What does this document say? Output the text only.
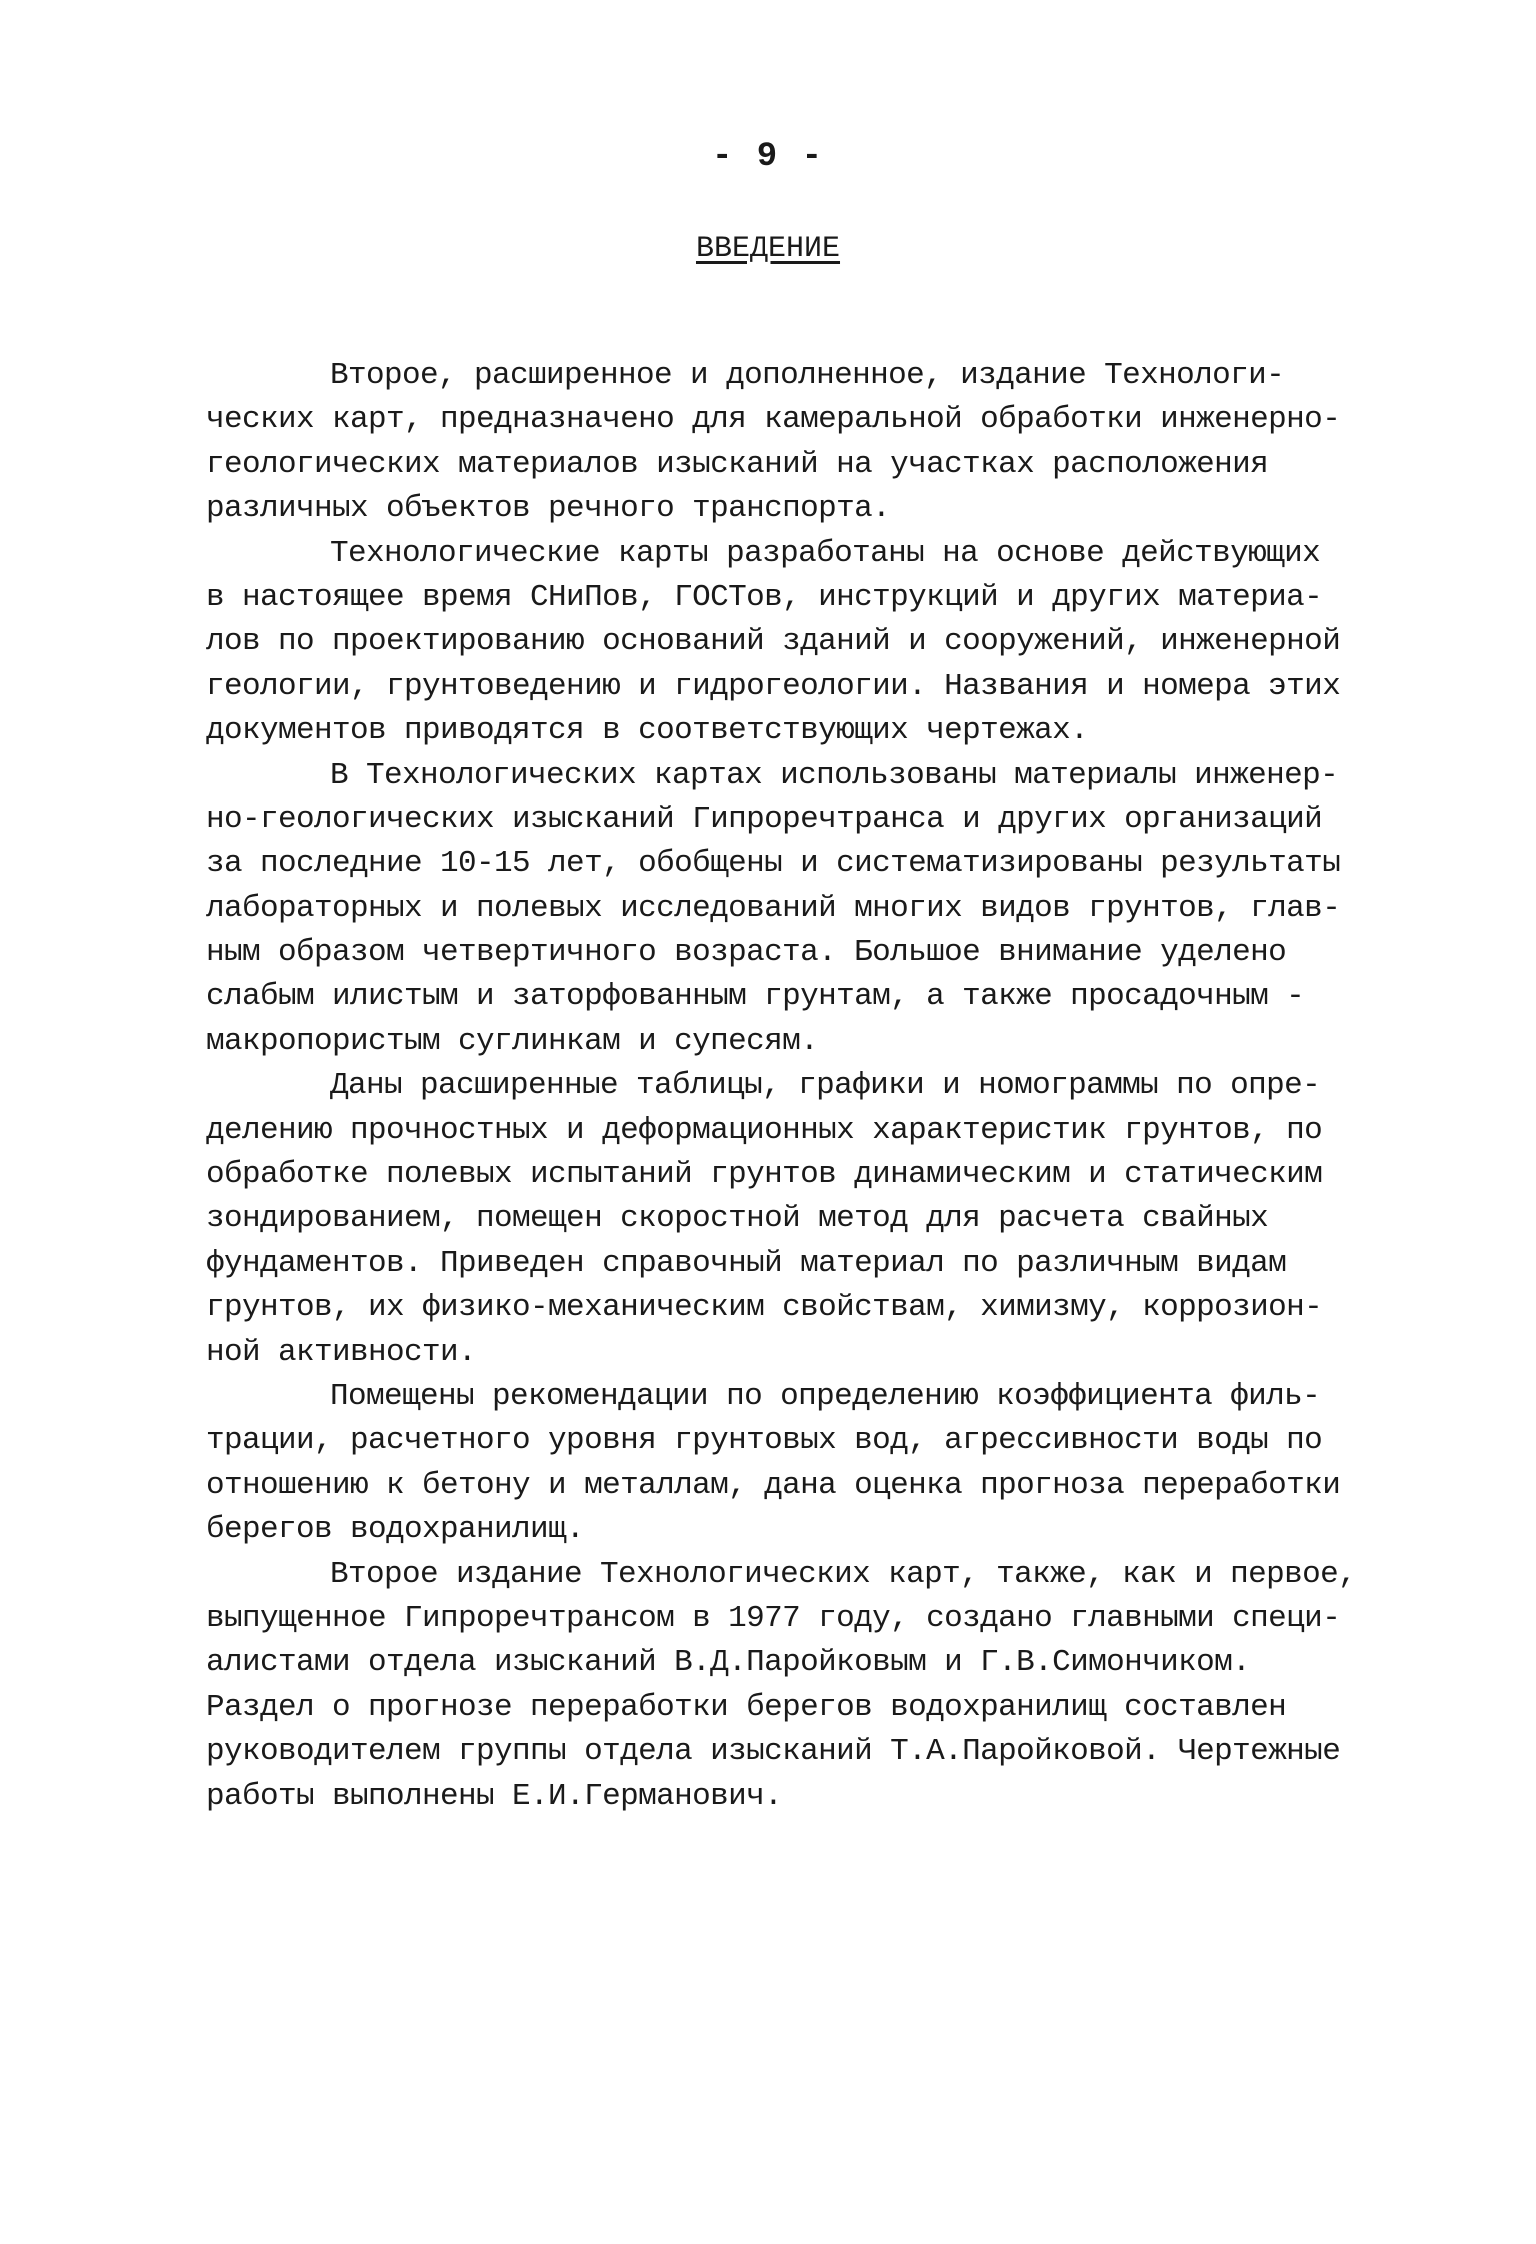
- 9 -
ВВЕДЕНИЕ
Второе, расширенное и дополненное, издание Технологи-
ческих карт, предназначено для камеральной обработки инженерно-
геологических материалов изысканий на участках расположения
различных объектов речного транспорта.
Технологические карты разработаны на основе действующих
в настоящее время СНиПов, ГОСТов, инструкций и других материа-
лов по проектированию оснований зданий и сооружений, инженерной
геологии, грунтоведению и гидрогеологии. Названия и номера этих
документов приводятся в соответствующих чертежах.
В Технологических картах использованы материалы инженер-
но-геологических изысканий Гипроречтранса и других организаций
за последние 10-15 лет, обобщены и систематизированы результаты
лабораторных и полевых исследований многих видов грунтов, глав-
ным образом четвертичного возраста. Большое внимание уделено
слабым илистым и заторфованным грунтам, а также просадочным -
макропористым суглинкам и супесям.
Даны расширенные таблицы, графики и номограммы по опре-
делению прочностных и деформационных характеристик грунтов, по
обработке полевых испытаний грунтов динамическим и статическим
зондированием, помещен скоростной метод для расчета свайных
фундаментов. Приведен справочный материал по различным видам
грунтов, их физико-механическим свойствам, химизму, коррозион-
ной активности.
Помещены рекомендации по определению коэффициента филь-
трации, расчетного уровня грунтовых вод, агрессивности воды по
отношению к бетону и металлам, дана оценка прогноза переработки
берегов водохранилищ.
Второе издание Технологических карт, также, как и первое,
выпущенное Гипроречтрансом в 1977 году, создано главными специ-
алистами отдела изысканий В.Д.Паройковым и Г.В.Симончиком.
Раздел о прогнозе переработки берегов водохранилищ составлен
руководителем группы отдела изысканий Т.А.Паройковой. Чертежные
работы выполнены Е.И.Германович.
